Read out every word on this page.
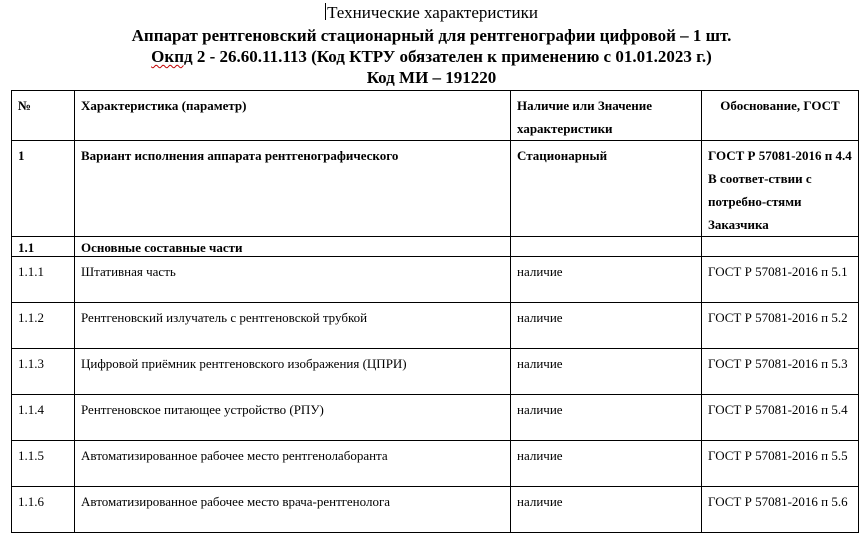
Технические характеристики
Аппарат рентгеновский стационарный для рентгенографии цифровой – 1 шт.
Окпд 2 - 26.60.11.113 (Код КТРУ обязателен к применению с 01.01.2023 г.)
Код МИ – 191220
№	Характеристика (параметр)	Наличие или Значение характеристики	Обоснование, ГОСТ
1	Вариант исполнения аппарата рентгенографического	Стационарный	ГОСТ Р 57081-2016 п 4.4 В соответ-ствии с потребно-стями Заказчика
1.1	Основные составные части		
1.1.1	Штативная часть	наличие	ГОСТ Р 57081-2016 п 5.1
1.1.2	Рентгеновский излучатель с рентгеновской трубкой	наличие	ГОСТ Р 57081-2016 п 5.2
1.1.3	Цифровой приёмник рентгеновского изображения (ЦПРИ)	наличие	ГОСТ Р 57081-2016 п 5.3
1.1.4	Рентгеновское питающее устройство (РПУ)	наличие	ГОСТ Р 57081-2016 п 5.4
1.1.5	Автоматизированное рабочее место рентгенолаборанта	наличие	ГОСТ Р 57081-2016 п 5.5
1.1.6	Автоматизированное рабочее место врача-рентгенолога	наличие	ГОСТ Р 57081-2016 п 5.6
